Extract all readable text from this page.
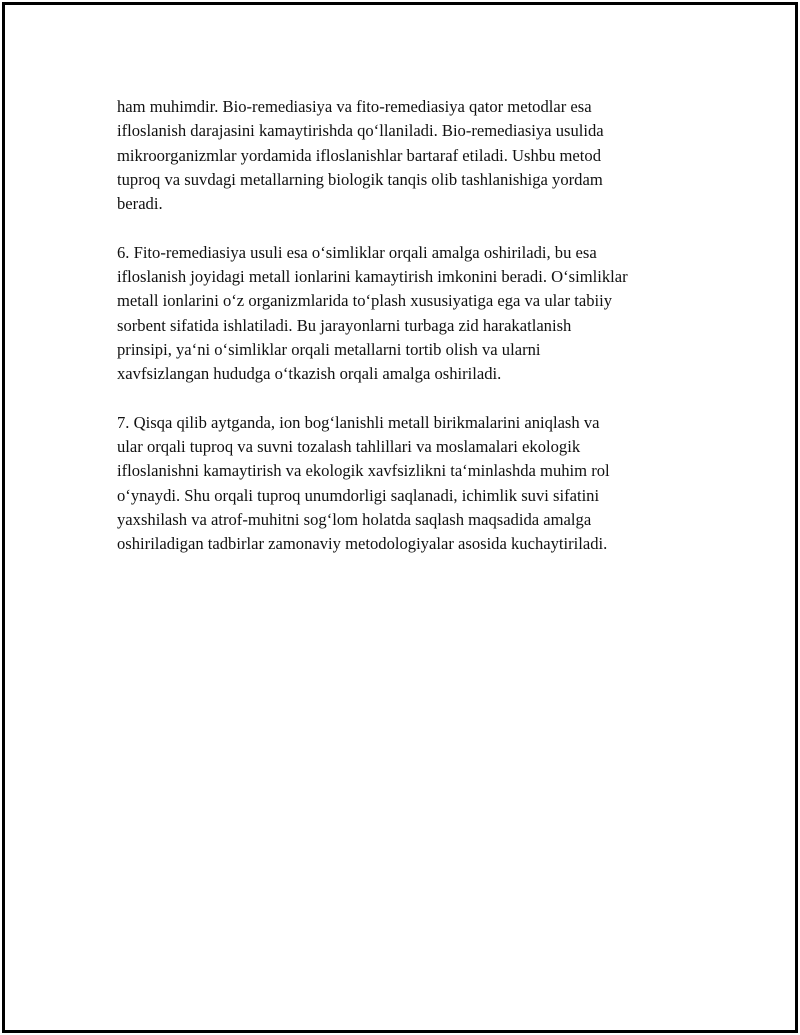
ham muhimdir. Bio-remediasiya va fito-remediasiya qator metodlar esa
ifloslanish darajasini kamaytirishda qo‘llaniladi. Bio-remediasiya usulida
mikroorganizmlar yordamida ifloslanishlar bartaraf etiladi. Ushbu metod
tuproq va suvdagi metallarning biologik tanqis olib tashlanishiga yordam
beradi.

6. Fito-remediasiya usuli esa o‘simliklar orqali amalga oshiriladi, bu esa
ifloslanish joyidagi metall ionlarini kamaytirish imkonini beradi. O‘simliklar
metall ionlarini o‘z organizmlarida to‘plash xususiyatiga ega va ular tabiiy
sorbent sifatida ishlatiladi. Bu jarayonlarni turbaga zid harakatlanish
prinsipi, ya‘ni o‘simliklar orqali metallarni tortib olish va ularni
xavfsizlangan hududga o‘tkazish orqali amalga oshiriladi.

7. Qisqa qilib aytganda, ion bog‘lanishli metall birikmalarini aniqlash va
ular orqali tuproq va suvni tozalash tahlillari va moslamalari ekologik
ifloslanishni kamaytirish va ekologik xavfsizlikni ta‘minlashda muhim rol
o‘ynaydi. Shu orqali tuproq unumdorligi saqlanadi, ichimlik suvi sifatini
yaxshilash va atrof-muhitni sog‘lom holatda saqlash maqsadida amalga
oshiriladigan tadbirlar zamonaviy metodologiyalar asosida kuchaytiriladi.
